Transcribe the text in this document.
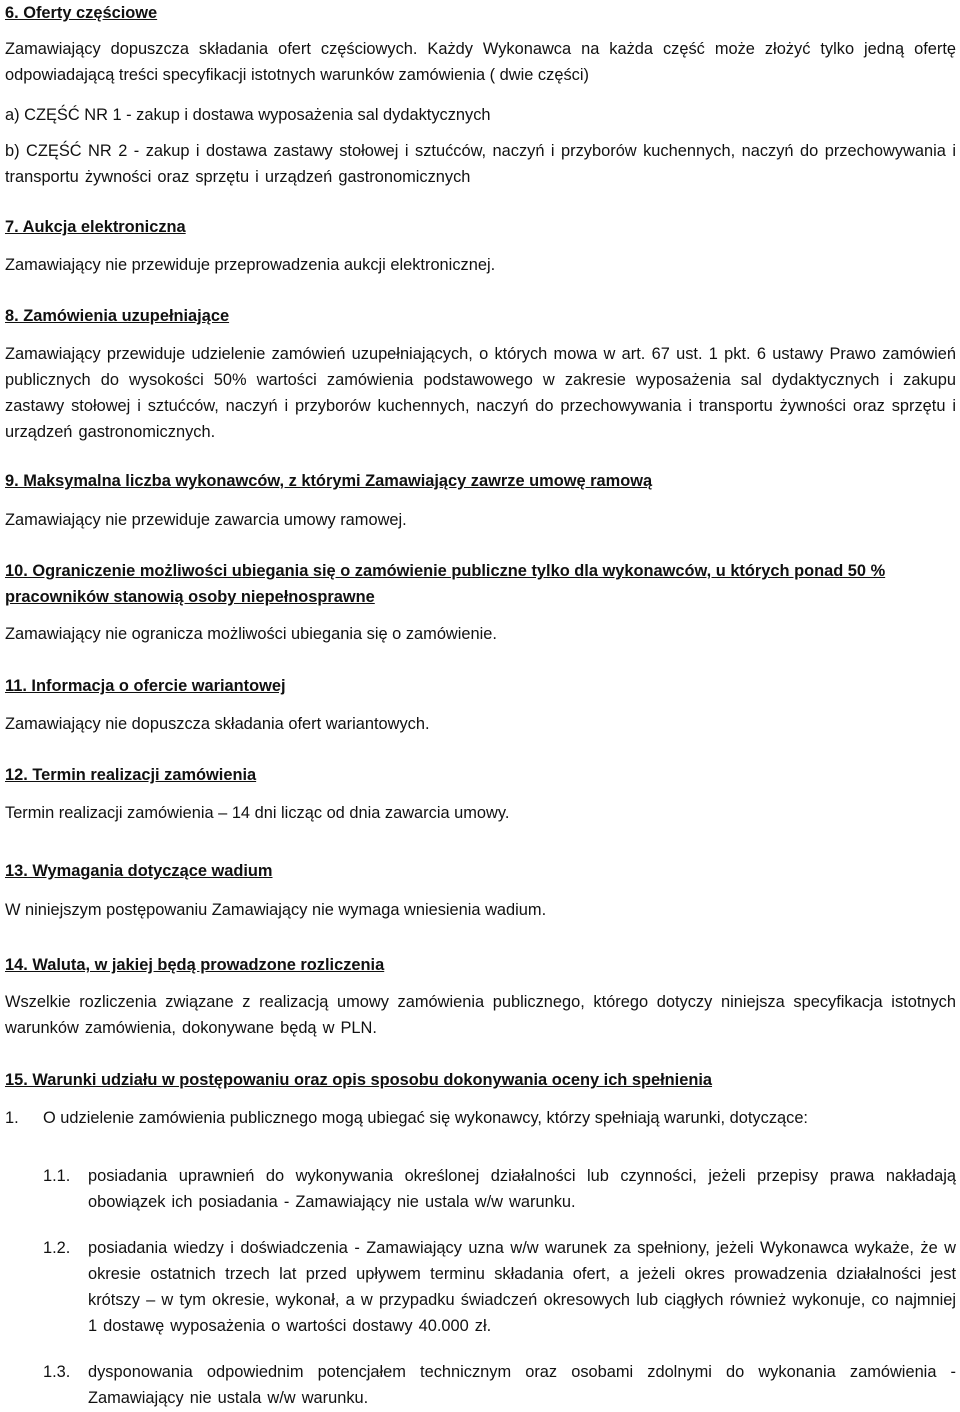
6. Oferty częściowe
Zamawiający dopuszcza składania ofert częściowych. Każdy Wykonawca na każda część może złożyć tylko jedną ofertę odpowiadającą treści specyfikacji istotnych warunków zamówienia ( dwie części)
a) CZĘŚĆ NR 1 - zakup i dostawa wyposażenia sal dydaktycznych
b) CZĘŚĆ NR 2 - zakup i dostawa zastawy stołowej i sztućców, naczyń i przyborów kuchennych, naczyń do przechowywania i transportu żywności oraz sprzętu i urządzeń gastronomicznych
7. Aukcja elektroniczna
Zamawiający nie przewiduje przeprowadzenia aukcji elektronicznej.
8. Zamówienia uzupełniające
Zamawiający przewiduje udzielenie zamówień uzupełniających, o których mowa w art. 67 ust. 1 pkt. 6 ustawy Prawo zamówień publicznych do wysokości 50% wartości zamówienia podstawowego w zakresie wyposażenia sal dydaktycznych i zakupu zastawy stołowej i sztućców, naczyń i przyborów kuchennych, naczyń do przechowywania i transportu żywności oraz sprzętu i urządzeń gastronomicznych.
9. Maksymalna liczba wykonawców, z którymi Zamawiający zawrze umowę ramową
Zamawiający nie przewiduje zawarcia umowy ramowej.
10. Ograniczenie możliwości ubiegania się o zamówienie publiczne tylko dla wykonawców, u których ponad 50 % pracowników stanowią osoby niepełnosprawne
Zamawiający nie ogranicza możliwości ubiegania się o zamówienie.
11. Informacja o ofercie wariantowej
Zamawiający nie dopuszcza składania ofert wariantowych.
12. Termin realizacji zamówienia
Termin realizacji zamówienia – 14 dni licząc od dnia zawarcia umowy.
13. Wymagania dotyczące wadium
W niniejszym postępowaniu Zamawiający nie wymaga wniesienia wadium.
14. Waluta, w jakiej będą prowadzone rozliczenia
Wszelkie rozliczenia związane z realizacją umowy zamówienia publicznego, którego dotyczy niniejsza specyfikacja istotnych warunków zamówienia, dokonywane będą w PLN.
15. Warunki udziału w postępowaniu oraz opis sposobu dokonywania oceny ich spełnienia
1. O udzielenie zamówienia publicznego mogą ubiegać się wykonawcy, którzy spełniają warunki, dotyczące:
1.1. posiadania uprawnień do wykonywania określonej działalności lub czynności, jeżeli przepisy prawa nakładają obowiązek ich posiadania - Zamawiający nie ustala w/w warunku.
1.2. posiadania wiedzy i doświadczenia - Zamawiający uzna w/w warunek za spełniony, jeżeli Wykonawca wykaże, że w okresie ostatnich trzech lat przed upływem terminu składania ofert, a jeżeli okres prowadzenia działalności jest krótszy – w tym okresie, wykonał, a w przypadku świadczeń okresowych lub ciągłych również wykonuje, co najmniej 1 dostawę wyposażenia o wartości dostawy 40.000 zł.
1.3. dysponowania odpowiednim potencjałem technicznym oraz osobami zdolnymi do wykonania zamówienia - Zamawiający nie ustala w/w warunku.
